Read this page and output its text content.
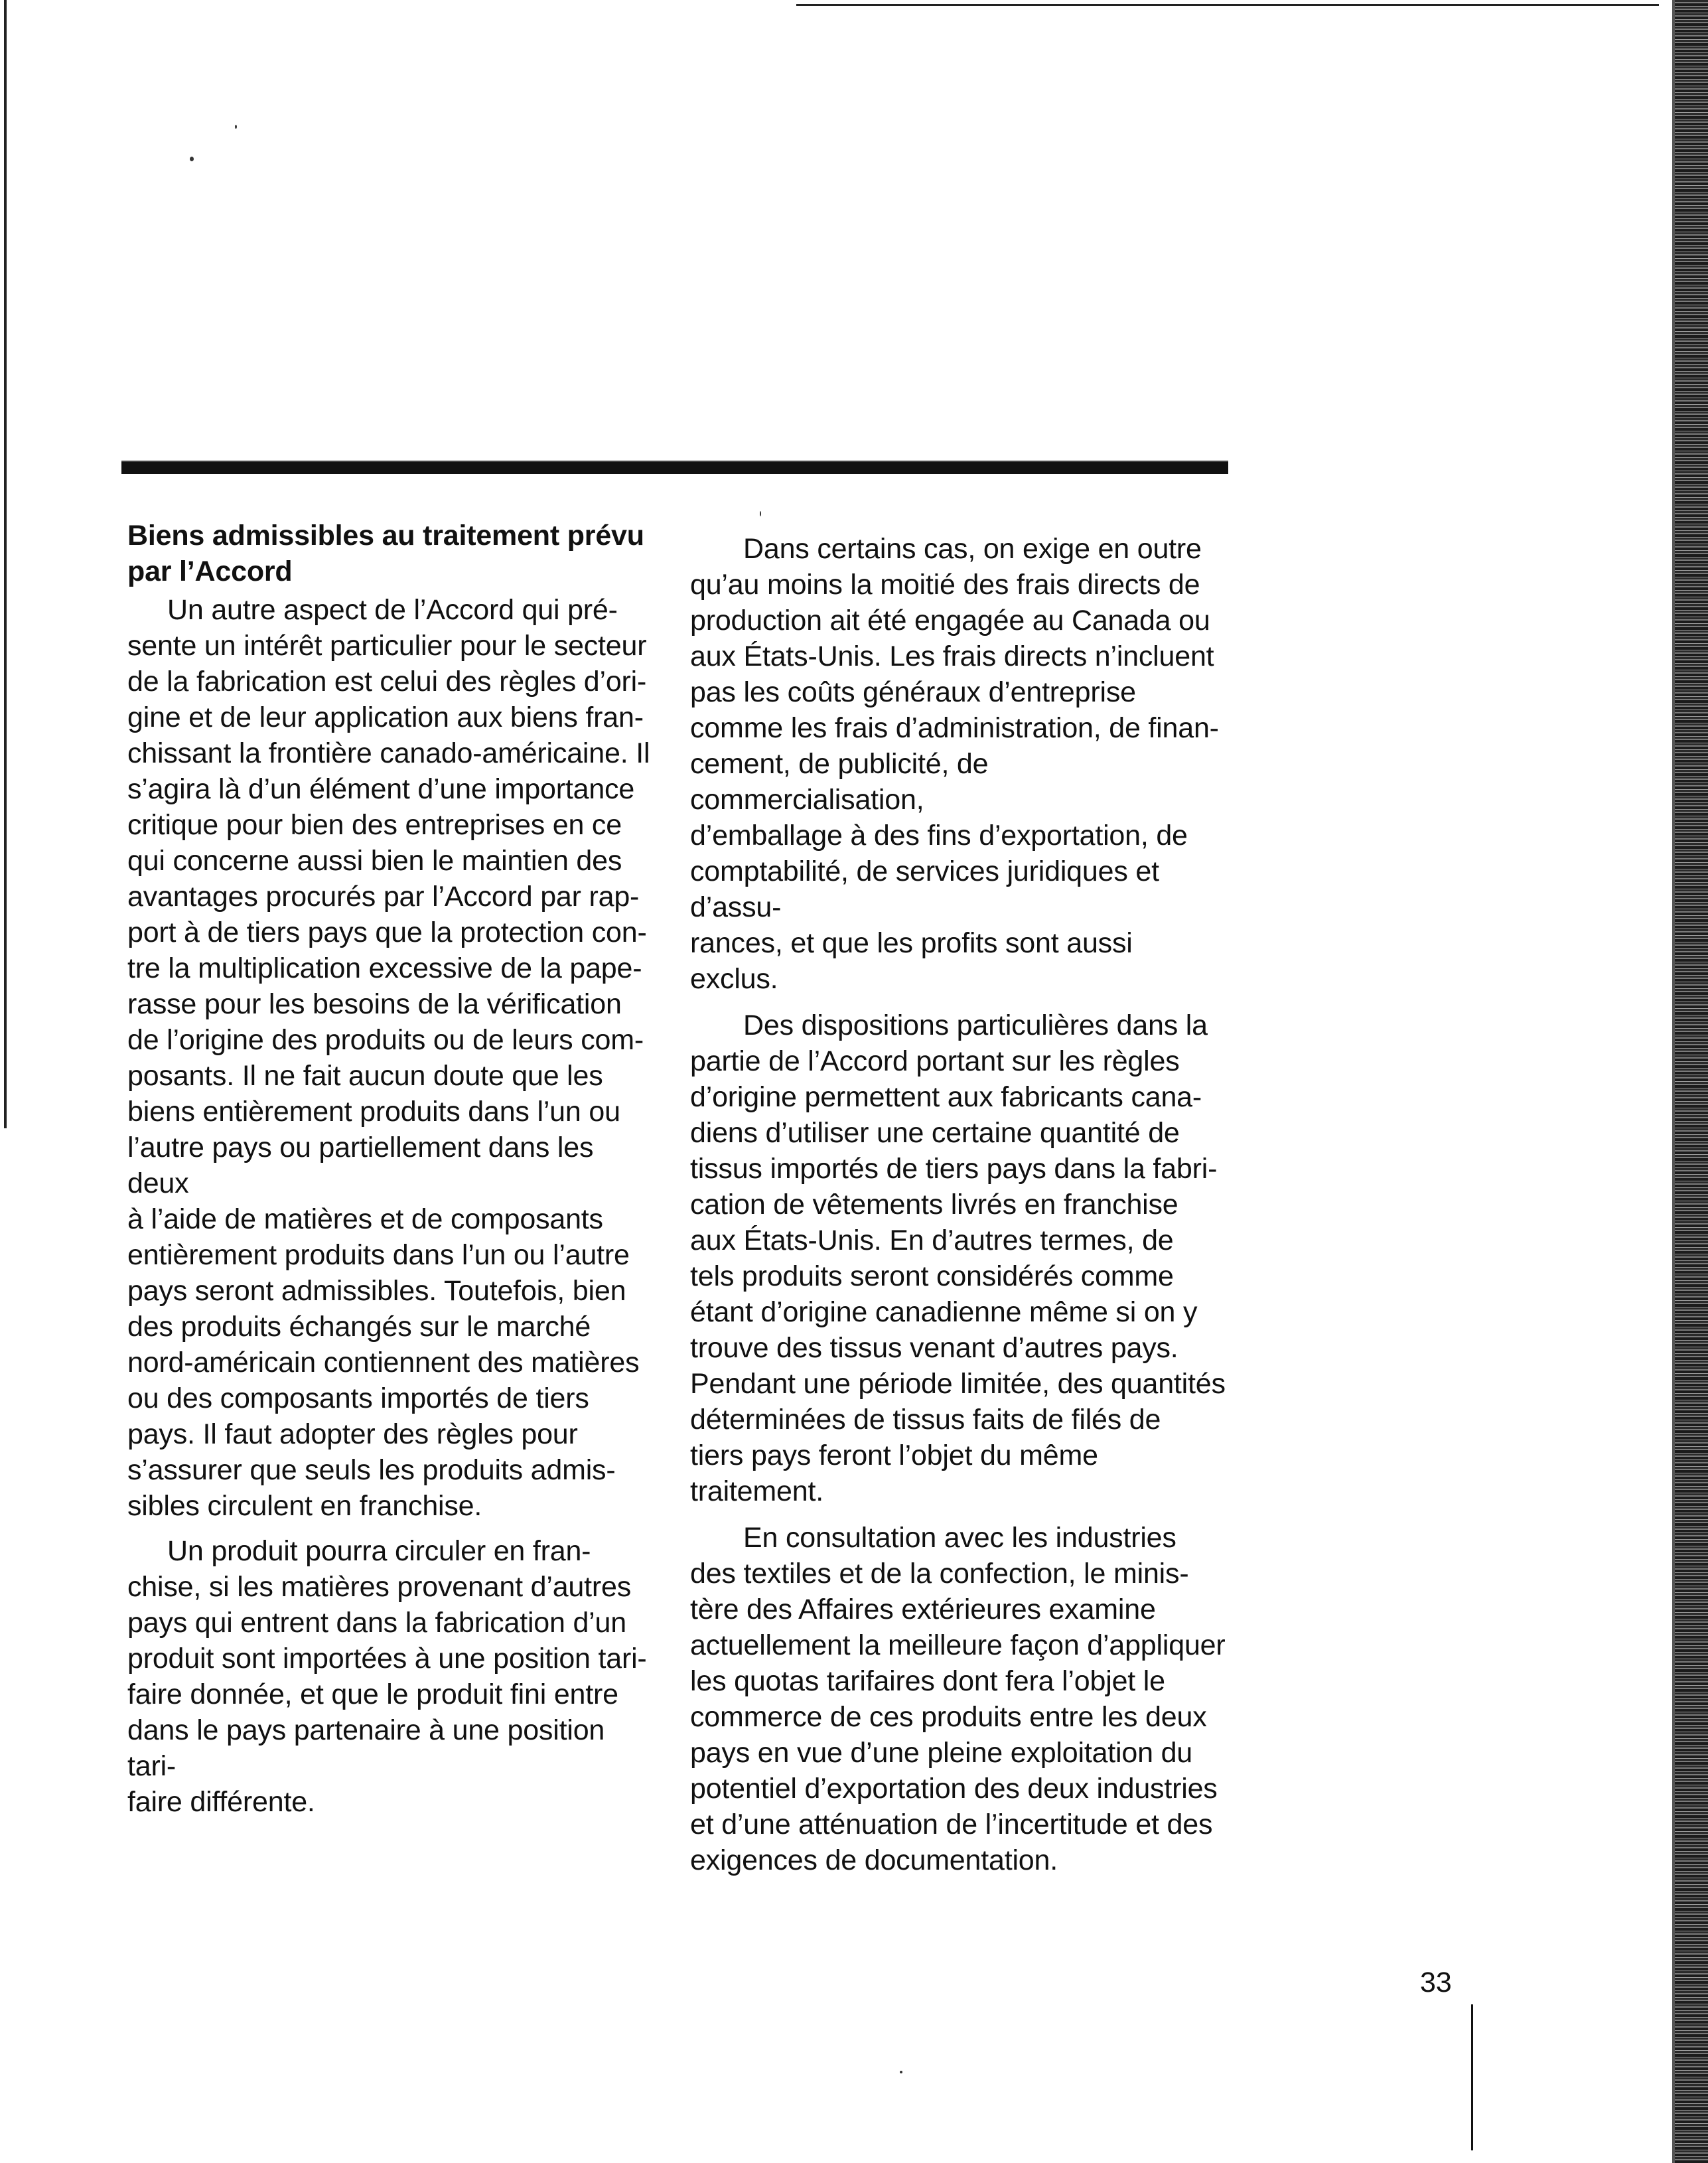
Biens admissibles au traitement prévu
par l’Accord

Un autre aspect de l’Accord qui pré-
sente un intérêt particulier pour le secteur
de la fabrication est celui des règles d’ori-
gine et de leur application aux biens fran-
chissant la frontière canado-américaine. Il
s’agira là d’un élément d’une importance
critique pour bien des entreprises en ce
qui concerne aussi bien le maintien des
avantages procurés par l’Accord par rap-
port à de tiers pays que la protection con-
tre la multiplication excessive de la pape-
rasse pour les besoins de la vérification
de l’origine des produits ou de leurs com-
posants. Il ne fait aucun doute que les
biens entièrement produits dans l’un ou
l’autre pays ou partiellement dans les deux
à l’aide de matières et de composants
entièrement produits dans l’un ou l’autre
pays seront admissibles. Toutefois, bien
des produits échangés sur le marché
nord-américain contiennent des matières
ou des composants importés de tiers
pays. Il faut adopter des règles pour
s’assurer que seuls les produits admis-
sibles circulent en franchise.

Un produit pourra circuler en fran-
chise, si les matières provenant d’autres
pays qui entrent dans la fabrication d’un
produit sont importées à une position tari-
faire donnée, et que le produit fini entre
dans le pays partenaire à une position tari-
faire différente.

Dans certains cas, on exige en outre
qu’au moins la moitié des frais directs de
production ait été engagée au Canada ou
aux États-Unis. Les frais directs n’incluent
pas les coûts généraux d’entreprise
comme les frais d’administration, de finan-
cement, de publicité, de commercialisation,
d’emballage à des fins d’exportation, de
comptabilité, de services juridiques et d’assu-
rances, et que les profits sont aussi exclus.

Des dispositions particulières dans la
partie de l’Accord portant sur les règles
d’origine permettent aux fabricants cana-
diens d’utiliser une certaine quantité de
tissus importés de tiers pays dans la fabri-
cation de vêtements livrés en franchise
aux États-Unis. En d’autres termes, de
tels produits seront considérés comme
étant d’origine canadienne même si on y
trouve des tissus venant d’autres pays.
Pendant une période limitée, des quantités
déterminées de tissus faits de filés de
tiers pays feront l’objet du même traitement.

En consultation avec les industries
des textiles et de la confection, le minis-
tère des Affaires extérieures examine
actuellement la meilleure façon d’appliquer
les quotas tarifaires dont fera l’objet le
commerce de ces produits entre les deux
pays en vue d’une pleine exploitation du
potentiel d’exportation des deux industries
et d’une atténuation de l’incertitude et des
exigences de documentation.

33
